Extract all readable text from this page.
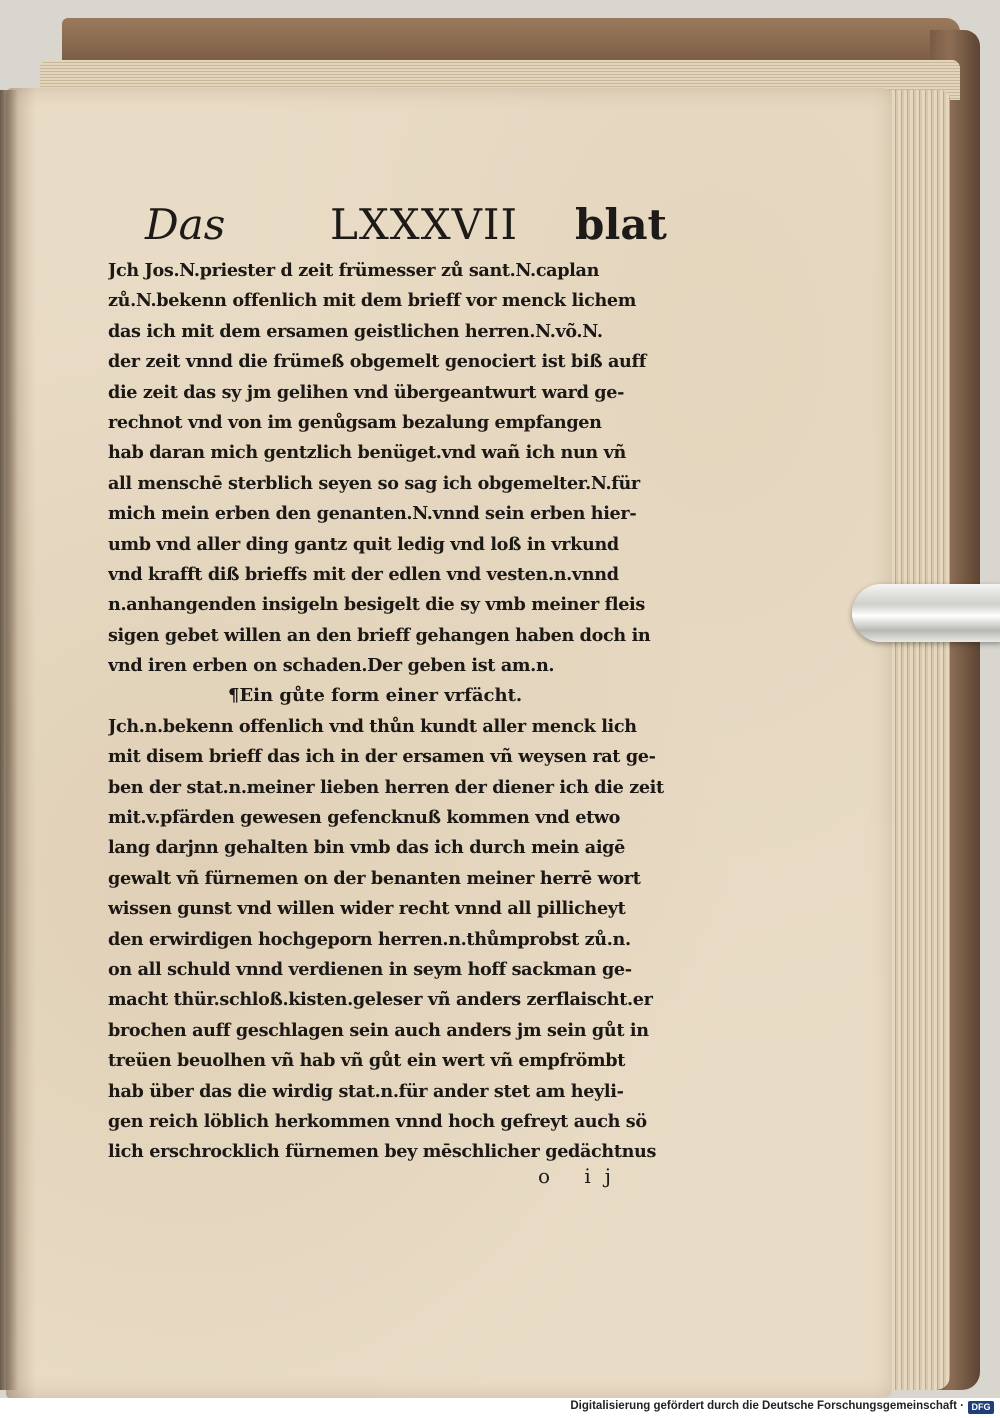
Das LXXXVII blat
Jch Jos.N.priester d zeit frümesser zů sant.N.caplan
zů.N.bekenn offenlich mit dem brieff vor menck lichem
das ich mit dem ersamen geistlichen herren.N.võ.N.
der zeit vnnd die frümeß obgemelt genociert ist biß auff
die zeit das sy jm gelihen vnd übergeantwurt ward ge-
rechnot vnd von im genůgsam bezalung empfangen
hab daran mich gentzlich benüget.vnd wañ ich nun vñ
all menschē sterblich seyen so sag ich obgemelter.N.für
mich mein erben den genanten.N.vnnd sein erben hier-
umb vnd aller ding gantz quit ledig vnd loß in vrkund
vnd krafft diß brieffs mit der edlen vnd vesten.n.vnnd
n.anhangenden insigeln besigelt die sy vmb meiner fleis
sigen gebet willen an den brieff gehangen haben doch in
vnd iren erben on schaden.Der geben ist am.n.
¶Ein gůte form einer vrfächt.
Jch.n.bekenn offenlich vnd thůn kundt aller menck lich
mit disem brieff das ich in der ersamen vñ weysen rat ge-
ben der stat.n.meiner lieben herren der diener ich die zeit
mit.v.pfärden gewesen gefencknuß kommen vnd etwo
lang darjnn gehalten bin vmb das ich durch mein aigē
gewalt vñ fürnemen on der benanten meiner herrē wort
wissen gunst vnd willen wider recht vnnd all pillicheyt
den erwirdigen hochgeporn herren.n.thůmprobst zů.n.
on all schuld vnnd verdienen in seym hoff sackman ge-
macht thür.schloß.kisten.geleser vñ anders zerflaischt.er
brochen auff geschlagen sein auch anders jm sein gůt in
treüen beuolhen vñ hab vñ gůt ein wert vñ empfrömbt
hab über das die wirdig stat.n.für ander stet am heyli-
gen reich löblich herkommen vnnd hoch gefreyt auch sö
lich erschrocklich fürnemen bey mēschlicher gedächtnus
o ij
Digitalisierung gefördert durch die Deutsche Forschungsgemeinschaft · DFG
